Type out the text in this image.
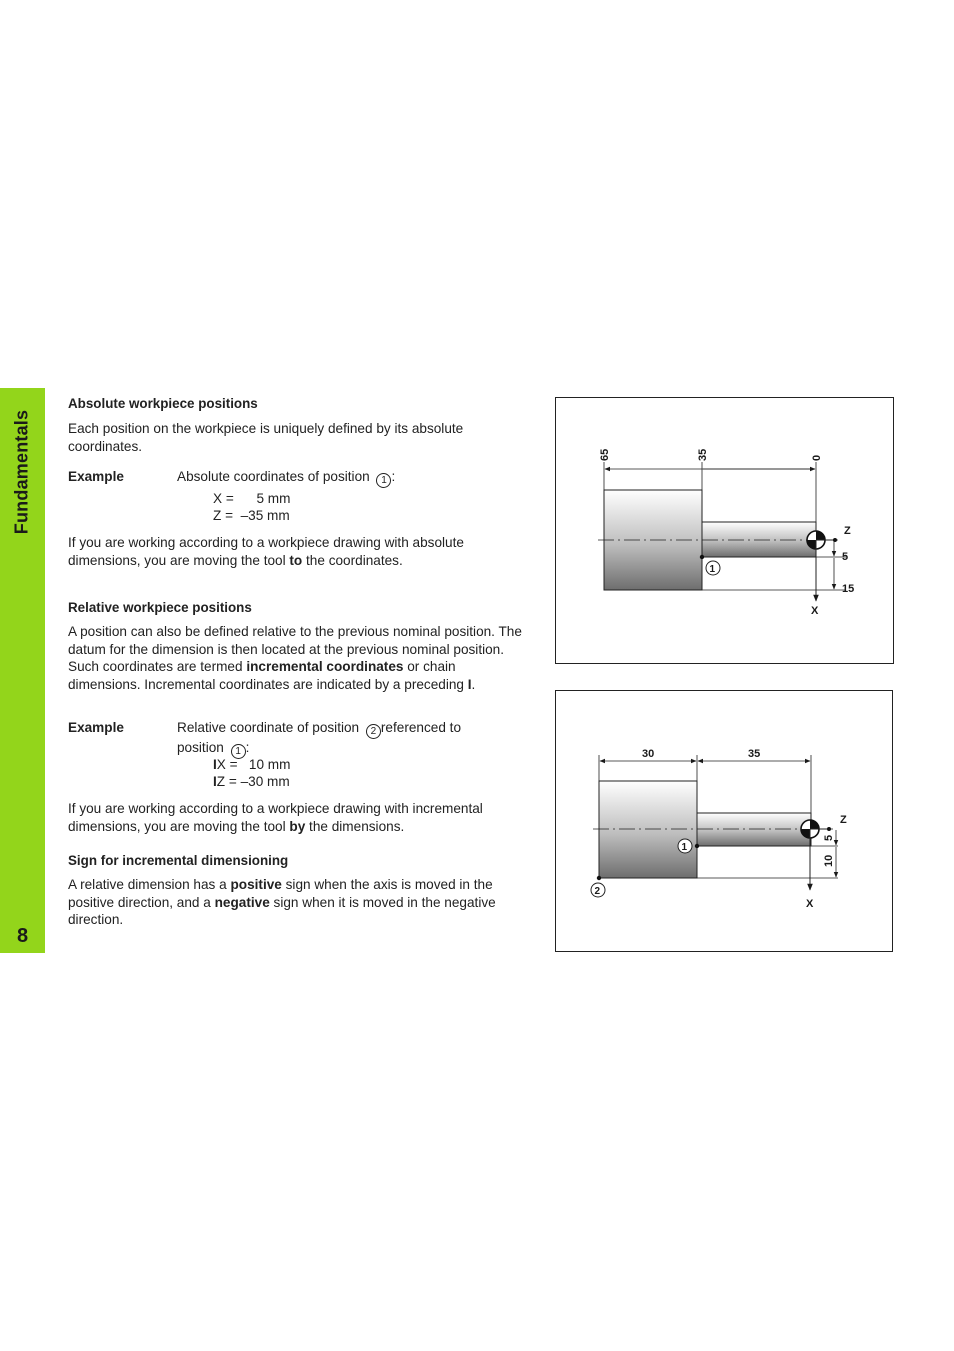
Fundamentals
8
Absolute workpiece positions

Each position on the workpiece is uniquely defined by its absolute coordinates.

Example	Absolute coordinates of position 1 :
X =      5 mm
Z =  –35 mm

If you are working according to a workpiece drawing with absolute dimensions, you are moving the tool to the coordinates.

Relative workpiece positions

A position can also be defined relative to the previous nominal position. The datum for the dimension is then located at the previous nominal position. Such coordinates are termed incremental coordinates or chain dimensions. Incremental coordinates are indicated by a preceding I.

Example	Relative coordinate of position 2 referenced to
position 1 :
IX =   10 mm
IZ = –30 mm

If you are working according to a workpiece drawing with incremental dimensions, you are moving the tool by the dimensions.

Sign for incremental dimensioning

A relative dimension has a positive sign when the axis is moved in the positive direction, and a negative sign when it is moved in the negative direction.

65	35	0
Z
X
5
15
1
30	35
Z
X
5
10
1
2
